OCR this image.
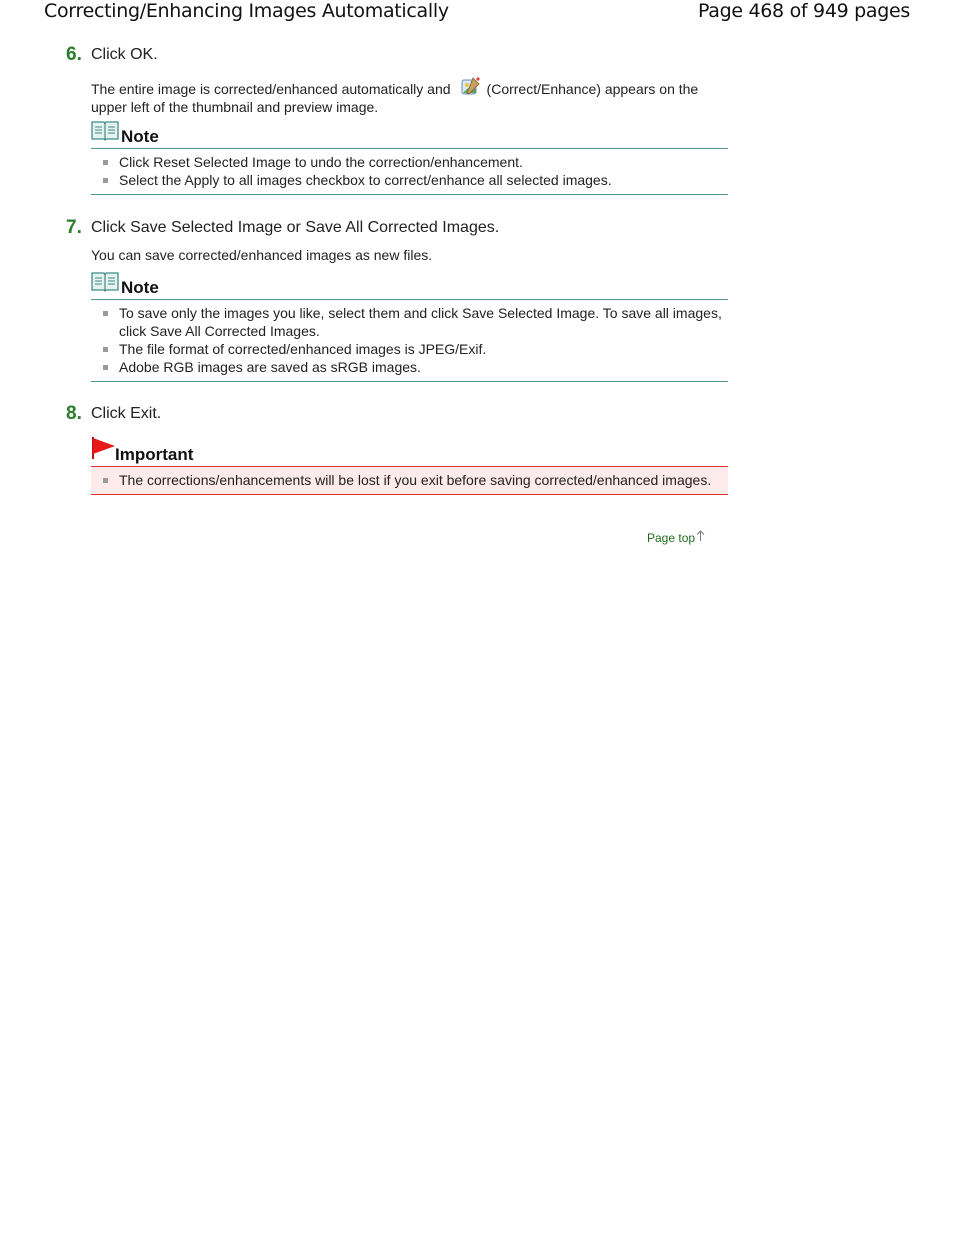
Correcting/Enhancing Images Automatically	Page 468 of 949 pages
6. Click OK.
The entire image is corrected/enhanced automatically and	(Correct/Enhance) appears on the upper left of the thumbnail and preview image.
Note
Click Reset Selected Image to undo the correction/enhancement.
Select the Apply to all images checkbox to correct/enhance all selected images.
7. Click Save Selected Image or Save All Corrected Images.
You can save corrected/enhanced images as new files.
Note
To save only the images you like, select them and click Save Selected Image. To save all images, click Save All Corrected Images.
The file format of corrected/enhanced images is JPEG/Exif.
Adobe RGB images are saved as sRGB images.
8. Click Exit.
Important
The corrections/enhancements will be lost if you exit before saving corrected/enhanced images.
Page top
